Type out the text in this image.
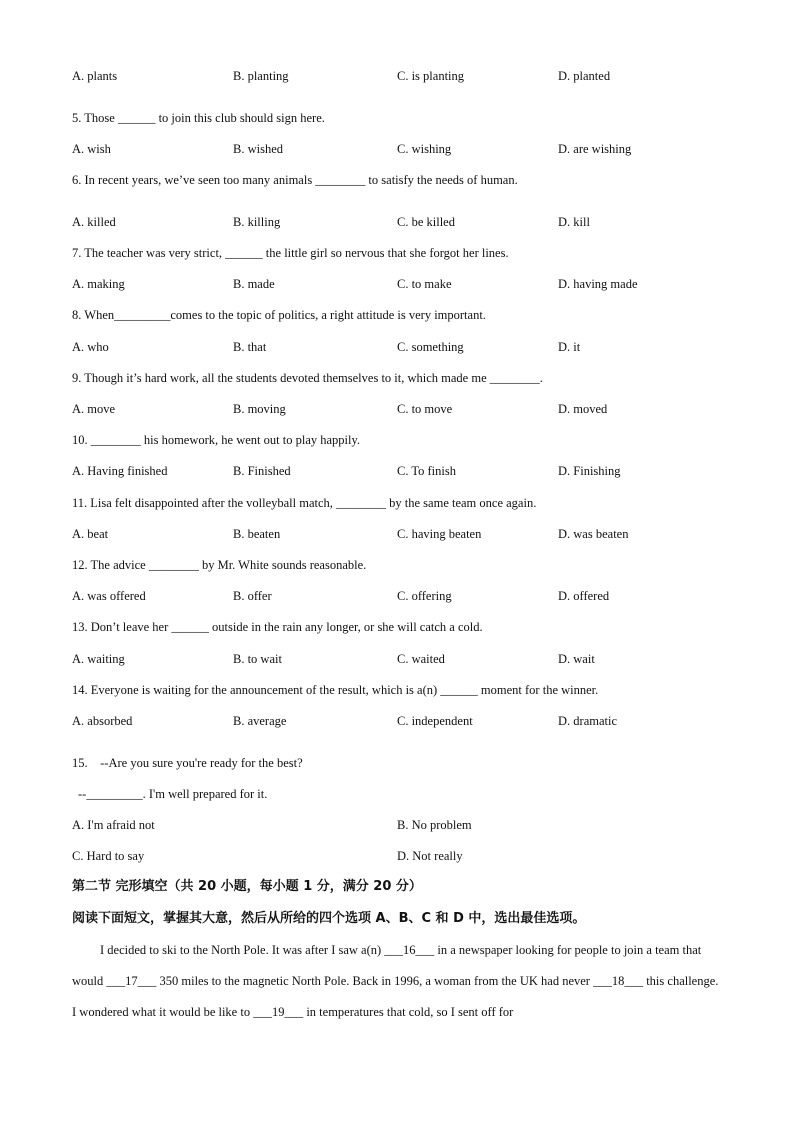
A. plants	B. planting	C. is planting	D. planted
5. Those ______ to join this club should sign here.
A. wish	B. wished	C. wishing	D. are wishing
6. In recent years, we’ve seen too many animals ________ to satisfy the needs of human.
A. killed	B. killing	C. be killed	D. kill
7. The teacher was very strict, ______ the little girl so nervous that she forgot her lines.
A. making	B. made	C. to make	D. having made
8. When_________comes to the topic of politics, a right attitude is very important.
A. who	B. that	C. something	D. it
9. Though it’s hard work, all the students devoted themselves to it, which made me ________.
A. move	B. moving	C. to move	D. moved
10. ________ his homework, he went out to play happily.
A. Having finished	B. Finished	C. To finish	D. Finishing
11. Lisa felt disappointed after the volleyball match, ________ by the same team once again.
A. beat	B. beaten	C. having beaten	D. was beaten
12. The advice ________ by Mr. White sounds reasonable.
A. was offered	B. offer	C. offering	D. offered
13. Don’t leave her ______ outside in the rain any longer, or she will catch a cold.
A. waiting	B. to wait	C. waited	D. wait
14. Everyone is waiting for the announcement of the result, which is a(n) ______ moment for the winner.
A. absorbed	B. average	C. independent	D. dramatic
15.    --Are you sure you're ready for the best?
--_________. I'm well prepared for it.
A. I'm afraid not	B. No problem
C. Hard to say	D. Not really
第二节 完形填空（共 20 小题，每小题 1 分，满分 20 分）
阅读下面短文，掌握其大意，然后从所给的四个选项 A、B、C 和 D 中，选出最佳选项。

I decided to ski to the North Pole. It was after I saw a(n) ___16___ in a newspaper looking for people to join a team that would ___17___ 350 miles to the magnetic North Pole. Back in 1996, a woman from the UK had never ___18___ this challenge. I wondered what it would be like to ___19___ in temperatures that cold, so I sent off for
